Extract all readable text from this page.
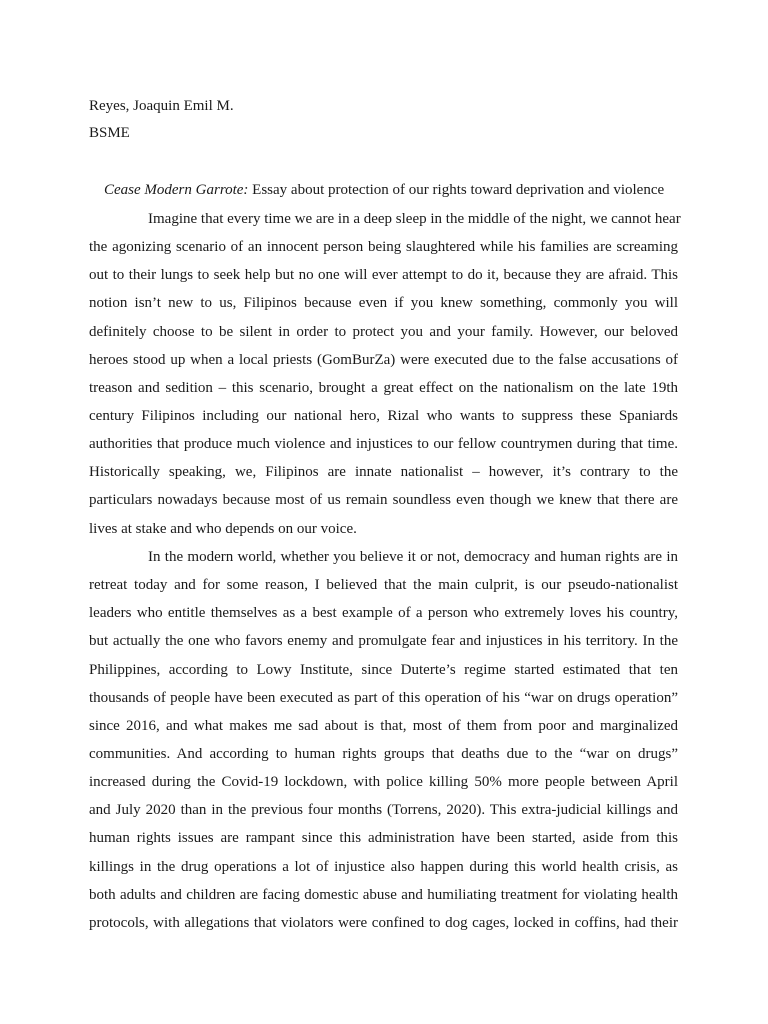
Reyes, Joaquin Emil M.
BSME
Cease Modern Garrote: Essay about protection of our rights toward deprivation and violence
Imagine that every time we are in a deep sleep in the middle of the night, we cannot hear
the agonizing scenario of an innocent person being slaughtered while his families are screaming
out to their lungs to seek help but no one will ever attempt to do it, because they are afraid. This
notion isn’t new to us, Filipinos because even if you knew something, commonly you will
definitely choose to be silent in order to protect you and your family. However, our beloved
heroes stood up when a local priests (GomBurZa) were executed due to the false accusations of
treason and sedition – this scenario, brought a great effect on the nationalism on the late 19th
century Filipinos including our national hero, Rizal who wants to suppress these Spaniards
authorities that produce much violence and injustices to our fellow countrymen during that time.
Historically speaking, we, Filipinos are innate nationalist – however, it’s contrary to the
particulars nowadays because most of us remain soundless even though we knew that there are
lives at stake and who depends on our voice.
In the modern world, whether you believe it or not, democracy and human rights are in
retreat today and for some reason, I believed that the main culprit, is our pseudo-nationalist
leaders who entitle themselves as a best example of a person who extremely loves his country,
but actually the one who favors enemy and promulgate fear and injustices in his territory. In the
Philippines, according to Lowy Institute, since Duterte’s regime started estimated that ten
thousands of people have been executed as part of this operation of his “war on drugs operation”
since 2016, and what makes me sad about is that, most of them from poor and marginalized
communities. And according to human rights groups that deaths due to the “war on drugs”
increased during the Covid-19 lockdown, with police killing 50% more people between April
and July 2020 than in the previous four months (Torrens, 2020). This extra-judicial killings and
human rights issues are rampant since this administration have been started, aside from this
killings in the drug operations a lot of injustice also happen during this world health crisis, as
both adults and children are facing domestic abuse and humiliating treatment for violating health
protocols, with allegations that violators were confined to dog cages, locked in coffins, had their
